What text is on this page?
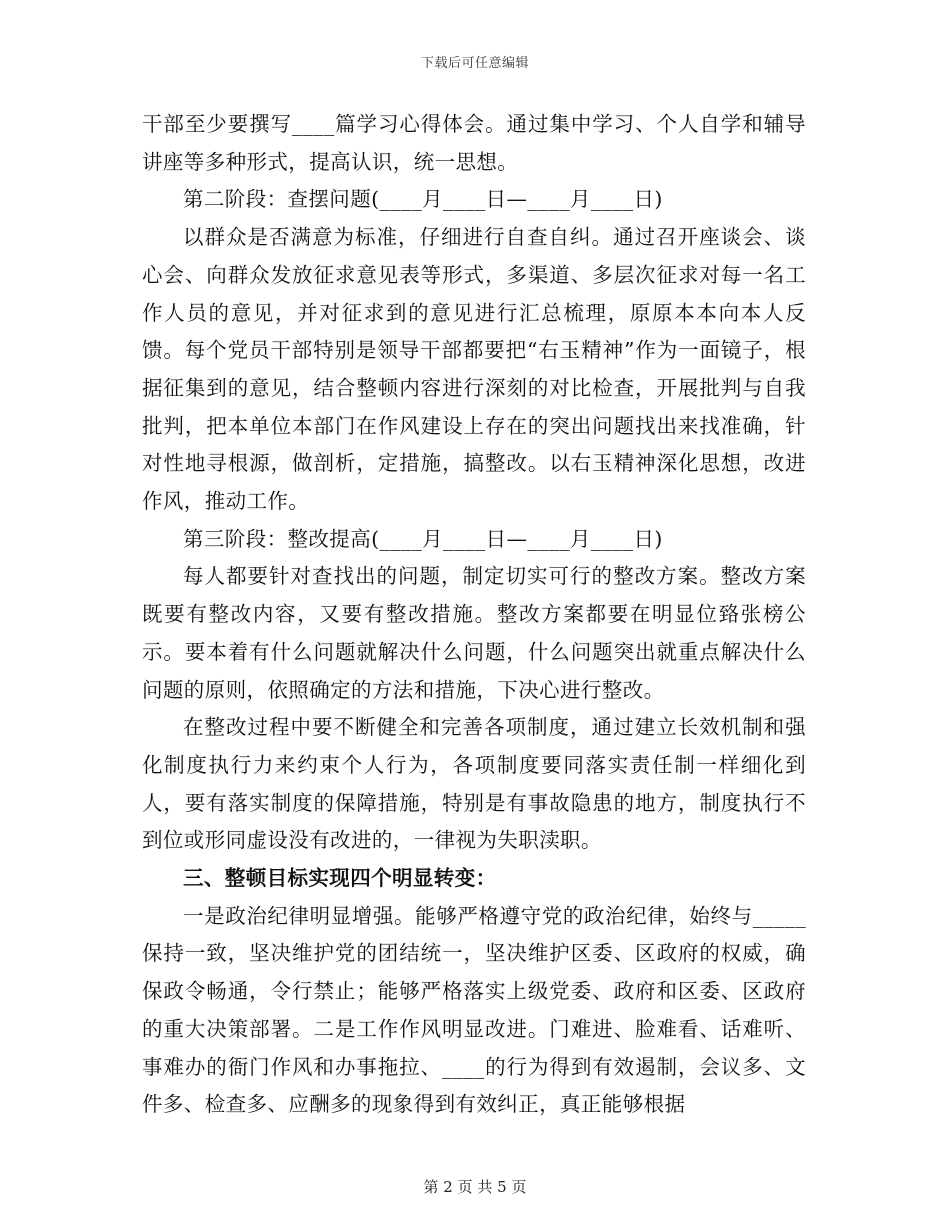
下载后可任意编辑

干部至少要撰写____篇学习心得体会。通过集中学习、个人自学和辅导讲座等多种形式，提高认识，统一思想。

第二阶段：查摆问题(____月____日—____月____日)

以群众是否满意为标准，仔细进行自查自纠。通过召开座谈会、谈心会、向群众发放征求意见表等形式，多渠道、多层次征求对每一名工作人员的意见，并对征求到的意见进行汇总梳理，原原本本向本人反馈。每个党员干部特别是领导干部都要把“右玉精神”作为一面镜子，根据征集到的意见，结合整顿内容进行深刻的对比检查，开展批判与自我批判，把本单位本部门在作风建设上存在的突出问题找出来找准确，针对性地寻根源，做剖析，定措施，搞整改。以右玉精神深化思想，改进作风，推动工作。

第三阶段：整改提高(____月____日—____月____日)

每人都要针对查找出的问题，制定切实可行的整改方案。整改方案既要有整改内容，又要有整改措施。整改方案都要在明显位臵张榜公示。要本着有什么问题就解决什么问题，什么问题突出就重点解决什么问题的原则，依照确定的方法和措施，下决心进行整改。

在整改过程中要不断健全和完善各项制度，通过建立长效机制和强化制度执行力来约束个人行为，各项制度要同落实责任制一样细化到人，要有落实制度的保障措施，特别是有事故隐患的地方，制度执行不到位或形同虚设没有改进的，一律视为失职渎职。

三、整顿目标实现四个明显转变：

一是政治纪律明显增强。能够严格遵守党的政治纪律，始终与_____保持一致，坚决维护党的团结统一，坚决维护区委、区政府的权威，确保政令畅通，令行禁止；能够严格落实上级党委、政府和区委、区政府的重大决策部署。二是工作作风明显改进。门难进、脸难看、话难听、事难办的衙门作风和办事拖拉、____的行为得到有效遏制，会议多、文件多、检查多、应酬多的现象得到有效纠正，真正能够根据

第 2 页 共 5 页
